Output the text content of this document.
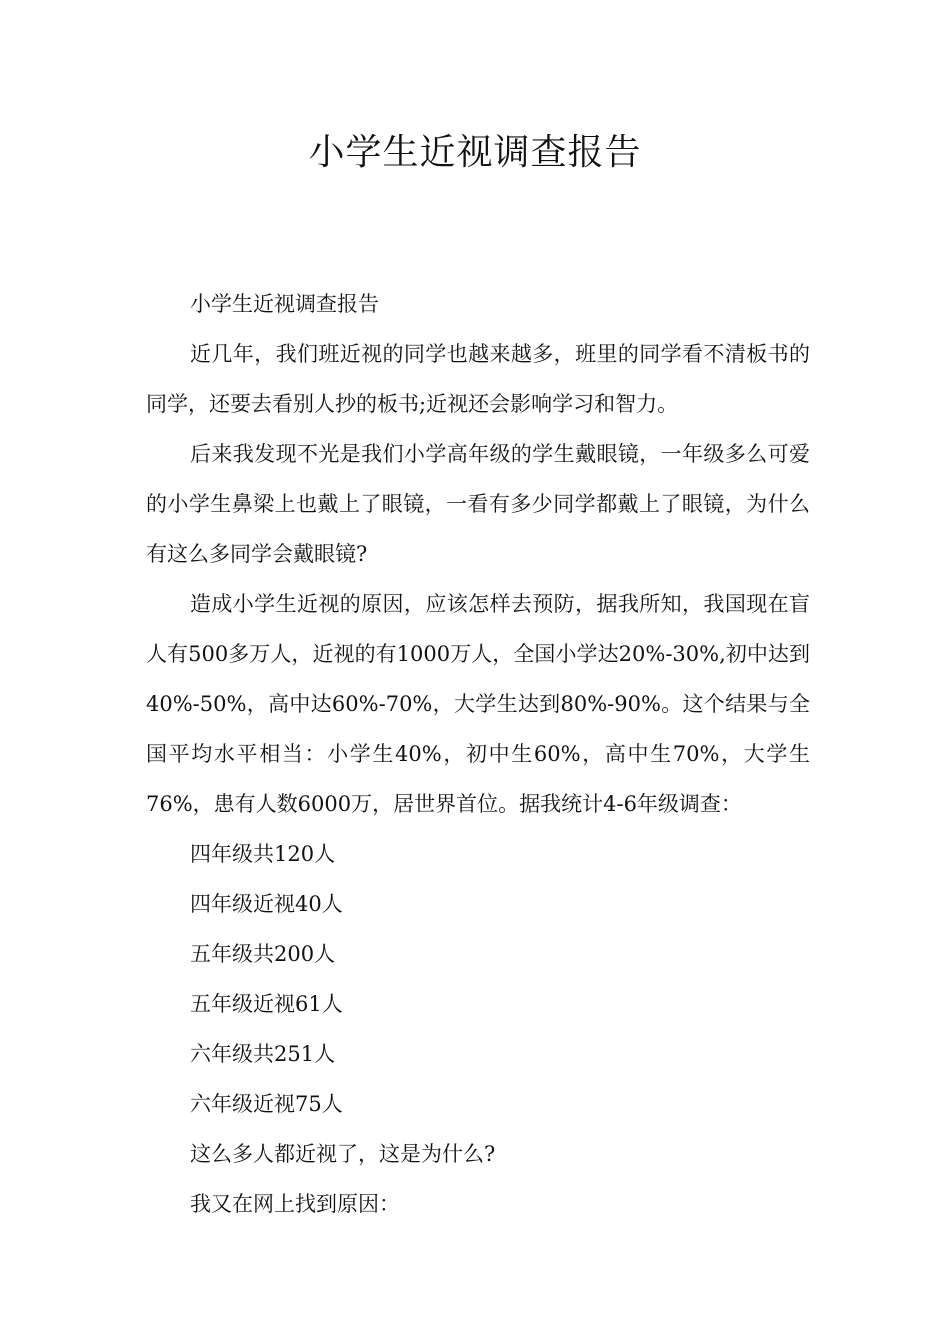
小学生近视调查报告

小学生近视调查报告

近几年，我们班近视的同学也越来越多，班里的同学看不清板书的同学，还要去看别人抄的板书;近视还会影响学习和智力。

后来我发现不光是我们小学高年级的学生戴眼镜，一年级多么可爱的小学生鼻梁上也戴上了眼镜，一看有多少同学都戴上了眼镜，为什么有这么多同学会戴眼镜?

造成小学生近视的原因，应该怎样去预防，据我所知，我国现在盲人有500多万人，近视的有1000万人，全国小学达20%-30%,初中达到40%-50%，高中达60%-70%，大学生达到80%-90%。这个结果与全国平均水平相当：小学生40%，初中生60%，高中生70%，大学生76%，患有人数6000万，居世界首位。据我统计4-6年级调查：

四年级共120人

四年级近视40人

五年级共200人

五年级近视61人

六年级共251人

六年级近视75人

这么多人都近视了，这是为什么?

我又在网上找到原因：
